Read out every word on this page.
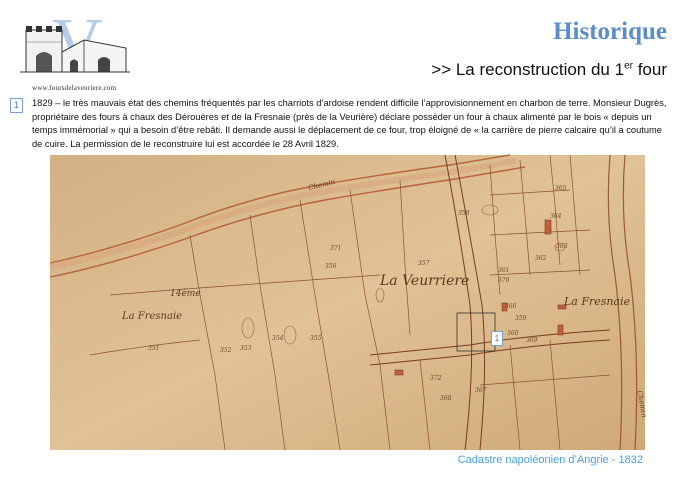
www.foursdelaveuriere.com
Historique
>> La reconstruction du 1er four
1	1829 – le très mauvais état des chemins fréquentés par les charriots d’ardoise rendent difficile l’approvisionnement en charbon de terre. Monsieur Dugrès, propriétaire des fours à chaux des Dérouères et de la Fresnaie (près de la Veurière) déclare posséder un four à chaux alimenté par le bois « depuis un temps immémorial » qui a besoin d’être rebâti. Il demande aussi le déplacement de ce four, trop éloigné de « la carrière de pierre calcaire qu’il a coutume de cuire. La permission de le reconstruire lui est accordée le 28 Avril 1829.
La Veurriere
14ème
La Fresnaie
La Fresnaie
Chemin
Chemin
359
360
357
356
355
354
353
352
351
358
361
362
363
364
365
366
367
368
369
370
371
372
1
Cadastre napoléonien d’Angrie - 1832
